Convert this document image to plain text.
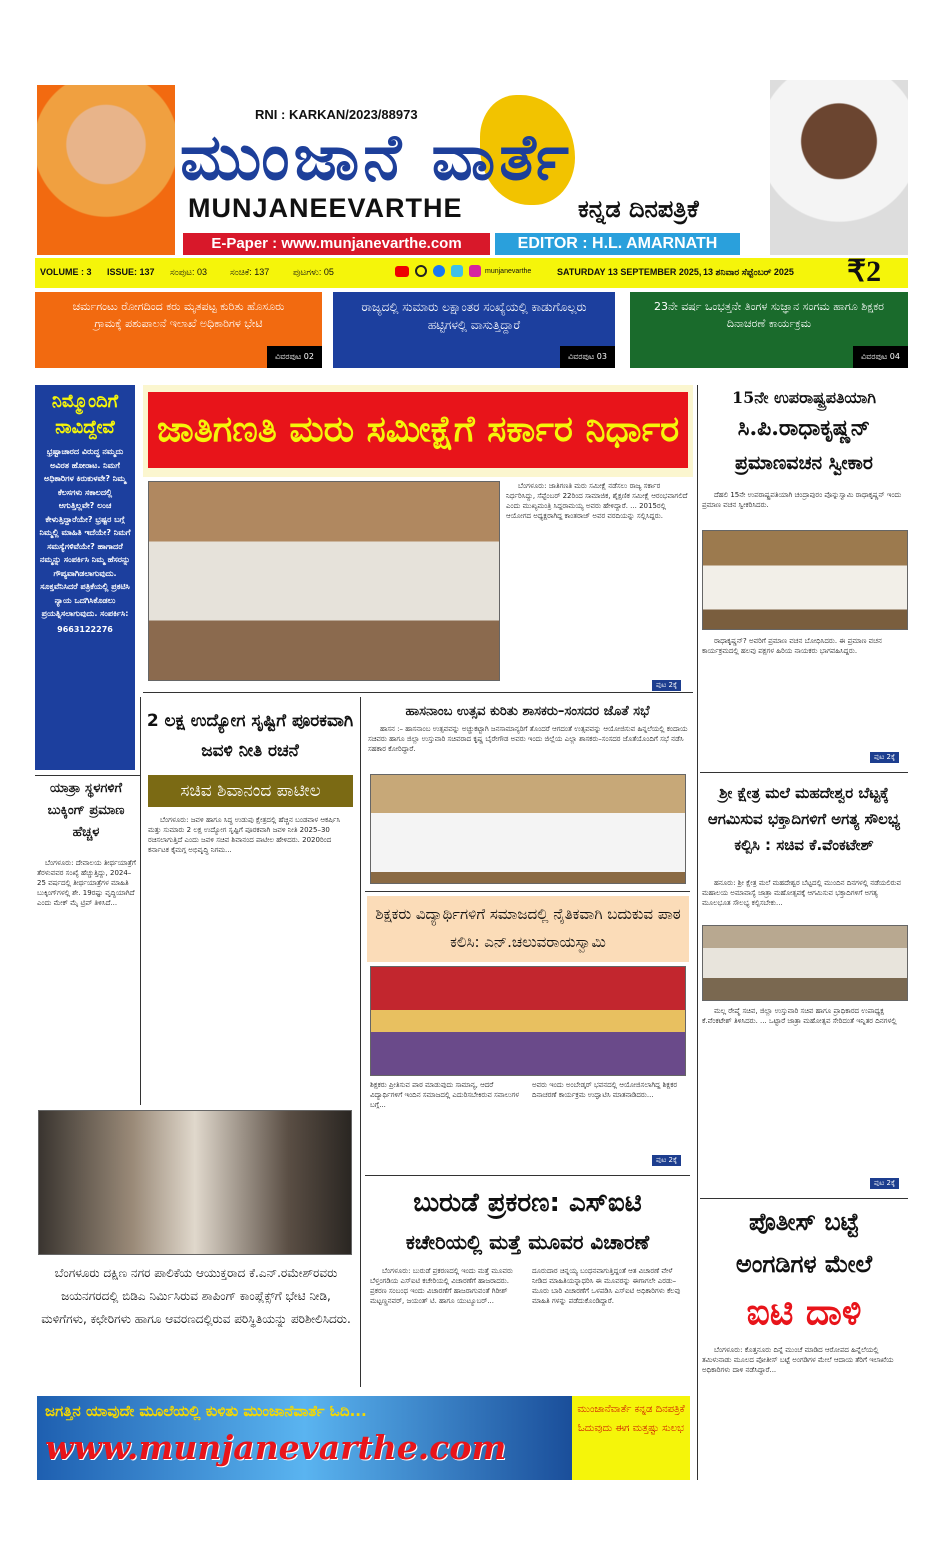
RNI : KARKAN/2023/88973
ಮುಂಜಾನೆ ವಾರ್ತೆ
MUNJANEEVARTHE	ಕನ್ನಡ ದಿನಪತ್ರಿಕೆ
E-Paper : www.munjanevarthe.com	EDITOR : H.L. AMARNATH
VOLUME : 3 ISSUE: 137 ಸಂಪುಟ: 03	ಸಂಚಿಕೆ: 137	ಪುಟಗಳು: 05	munjanevarthe	SATURDAY 13 SEPTEMBER 2025, 13 ಶನಿವಾರ ಸೆಪ್ಟೆಂಬರ್ 2025 ₹2
ಚರ್ಮಗಂಟು ರೋಗದಿಂದ ಕರು ಮೃತಪಟ್ಟ ಕುರಿತು ಹೊಸೂರು ಗ್ರಾಮಕ್ಕೆ ಪಶುಪಾಲನೆ ಇಲಾಖೆ ಅಧಿಕಾರಿಗಳ ಭೇಟಿ
ವಿವರಪುಟ 02
ರಾಜ್ಯದಲ್ಲಿ ಸುಮಾರು ಲಕ್ಷಾಂತರ ಸಂಖ್ಯೆಯಲ್ಲಿ ಕಾಡುಗೊಲ್ಲರು ಹಟ್ಟಿಗಳಲ್ಲಿ ವಾಸುತ್ತಿದ್ದಾರೆ
ವಿವರಪುಟ 03
23ನೇ ವರ್ಷ ಒಂಭತ್ತನೇ ತಿಂಗಳ ಸುಜ್ಞಾನ ಸಂಗಮ ಹಾಗೂ ಶಿಕ್ಷಕರ ದಿನಾಚರಣೆ ಕಾರ್ಯಕ್ರಮ
ವಿವರಪುಟ 04
ನಿಮ್ಮೊಂದಿಗೆ ನಾವಿದ್ದೇವೆ
ಭ್ರಷ್ಟಾಚಾರದ ವಿರುದ್ಧ ನಮ್ಮದು ಅವಿರತ ಹೋರಾಟ. ನಿಮಗೆ ಅಧಿಕಾರಿಗಳ ಕಿರುಕುಳವೇ? ನಿಮ್ಮ ಕೆಲಸಗಳು ಸಕಾಲದಲ್ಲಿ ಆಗುತ್ತಿಲ್ಲವೇ? ಲಂಚ ಕೇಳುತ್ತಿದ್ದಾರೆಯೇ? ಭ್ರಷ್ಟರ ಬಗ್ಗೆ ನಿಮ್ಮಲ್ಲಿ ಮಾಹಿತಿ ಇದೆಯೇ? ನಿಮಗೆ ಸಮಸ್ಯೆಗಳಿವೆಯೇ? ಹಾಗಾದರೆ ನಮ್ಮನ್ನು ಸಂಪರ್ಕಿಸಿ ನಿಮ್ಮ ಹೆಸರನ್ನು ಗೌಪ್ಯವಾಗಿಡಲಾಗುವುದು. ಸೂಕ್ತವೆನಿಸಿದರೆ ಪತ್ರಿಕೆಯಲ್ಲಿ ಪ್ರಕಟಿಸಿ ನ್ಯಾಯ ಒದಗಿಸಿಕೊಡಲು ಪ್ರಯತ್ನಿಸಲಾಗುವುದು. ಸಂಪರ್ಕಿಸಿ:
9663122276
ಜಾತಿಗಣತಿ ಮರು ಸಮೀಕ್ಷೆಗೆ ಸರ್ಕಾರ ನಿರ್ಧಾರ
ಬೆಂಗಳೂರು: ಜಾತಿಗಣತಿ ಮರು ಸಮೀಕ್ಷೆ ನಡೆಸಲು ರಾಜ್ಯ ಸರ್ಕಾರ ನಿರ್ಧರಿಸಿದ್ದು, ಸೆಪ್ಟೆಂಬರ್ 22ರಿಂದ ಸಾಮಾಜಿಕ, ಶೈಕ್ಷಣಿಕ ಸಮೀಕ್ಷೆ ಆರಂಭವಾಗಲಿದೆ ಎಂದು ಮುಖ್ಯಮಂತ್ರಿ ಸಿದ್ದರಾಮಯ್ಯ ಅವರು ಹೇಳಿದ್ದಾರೆ. ... 2015ರಲ್ಲಿ ಆಯೋಗದ ಅಧ್ಯಕ್ಷರಾಗಿದ್ದ ಕಾಂತರಾಜ್ ಅವರ ವರದಿಯನ್ನು ಸಲ್ಲಿಸಿದ್ದರು.
ಪುಟ 2ಕ್ಕೆ
15ನೇ ಉಪರಾಷ್ಟ್ರಪತಿಯಾಗಿ
ಸಿ.ಪಿ.ರಾಧಾಕೃಷ್ಣನ್
ಪ್ರಮಾಣವಚನ ಸ್ವೀಕಾರ
ದೆಹಲಿ 15ನೇ ಉಪರಾಷ್ಟ್ರಪತಿಯಾಗಿ ಚಂದ್ರಾಪುರಂ ಪೊನ್ನುಸ್ವಾಮಿ ರಾಧಾಕೃಷ್ಣನ್ ಇಂದು ಪ್ರಮಾಣ ವಚನ ಸ್ವೀಕರಿಸಿದರು.
ರಾಧಾಕೃಷ್ಣನ್? ಅವರಿಗೆ ಪ್ರಮಾಣ ವಚನ ಬೋಧಿಸಿದರು. ಈ ಪ್ರಮಾಣ ವಚನ ಕಾರ್ಯಕ್ರಮದಲ್ಲಿ ಹಲವು ಪಕ್ಷಗಳ ಹಿರಿಯ ನಾಯಕರು ಭಾಗವಹಿಸಿದ್ದರು.
ಪುಟ 2ಕ್ಕೆ
2 ಲಕ್ಷ ಉದ್ಯೋಗ ಸೃಷ್ಟಿಗೆ ಪೂರಕವಾಗಿ ಜವಳಿ ನೀತಿ ರಚನೆ
ಸಚಿವ ಶಿವಾನಂದ ಪಾಟೀಲ
ಬೆಂಗಳೂರು: ಜವಳಿ ಹಾಗೂ ಸಿದ್ಧ ಉಡುಪು ಕ್ಷೇತ್ರದಲ್ಲಿ ಹೆಚ್ಚಿನ ಬಂಡವಾಳ ಆಕರ್ಷಿಸಿ ಮತ್ತು ಸುಮಾರು 2 ಲಕ್ಷ ಉದ್ಯೋಗ ಸೃಷ್ಟಿಗೆ ಪೂರಕವಾಗಿ ಜವಳಿ ನೀತಿ 2025–30 ರಚಿಸಲಾಗುತ್ತಿದೆ ಎಂದು ಜವಳಿ ಸಚಿವ ಶಿವಾನಂದ ಪಾಟೀಲ ಹೇಳಿದರು. 2020ರಿಂದ ಕರ್ನಾಟಕ ಕೈಮಗ್ಗ ಅಭಿವೃದ್ಧಿ ನಿಗಮ...
ಹಾಸನಾಂಬ ಉತ್ಸವ ಕುರಿತು ಶಾಸಕರು–ಸಂಸದರ ಜೊತೆ ಸಭೆ
ಹಾಸನ :– ಹಾಸನಾಂಬ ಉತ್ಸವವನ್ನು ಅಚ್ಚುಕಟ್ಟಾಗಿ ಜನಸಾಮಾನ್ಯರಿಗೆ ತೊಂದರೆ ಆಗದಂತೆ ಉತ್ಸವವನ್ನು ಆಯೋಜಿಸುವ ಹಿನ್ನಲೆಯಲ್ಲಿ ಕಂದಾಯ ಸಚಿವರು ಹಾಗೂ ಜಿಲ್ಲಾ ಉಸ್ತುವಾರಿ ಸಚಿವರಾದ ಕೃಷ್ಣ ಬೈರೇಗೌಡ ಅವರು ಇಂದು ಜಿಲ್ಲೆಯ ಎಲ್ಲಾ ಶಾಸಕರು–ಸಂಸದರ ಜೊತೆಯೊಂದಿಗೆ ಸಭೆ ನಡೆಸಿ ಸಹಕಾರ ಕೋರಿದ್ದಾರೆ.
ಶಿಕ್ಷಕರು ವಿದ್ಯಾರ್ಥಿಗಳಿಗೆ ಸಮಾಜದಲ್ಲಿ ನೈತಿಕವಾಗಿ ಬದುಕುವ ಪಾಠ ಕಲಿಸಿ: ಎನ್.ಚಲುವರಾಯಸ್ವಾಮಿ
ಶಿಕ್ಷಕರು ಪ್ರೀತಿಸುವ ಪಾಠ ಮಾಡುವುದು ಸಾಮಾನ್ಯ, ಆದರೆ ವಿದ್ಯಾರ್ಥಿಗಳಿಗೆ ಇಂದಿನ ಸಮಾಜದಲ್ಲಿ ಎದುರಿಸಬೇಕಿರುವ ಸವಾಲುಗಳ ಬಗ್ಗೆ...
ಅವರು ಇಂದು ಅಂಬೇಡ್ಕರ್ ಭವನದಲ್ಲಿ ಆಯೋಜಿಸಲಾಗಿದ್ದ ಶಿಕ್ಷಕರ ದಿನಾಚರಣೆ ಕಾರ್ಯಕ್ರಮ ಉದ್ಘಾಟಿಸಿ ಮಾತನಾಡಿದರು...
ಪುಟ 2ಕ್ಕೆ
ಯಾತ್ರಾ ಸ್ಥಳಗಳಿಗೆ ಬುಕ್ಕಿಂಗ್ ಪ್ರಮಾಣ ಹೆಚ್ಚಳ
ಬೆಂಗಳೂರು: ದೇವಾಲಯ ತೀರ್ಥಯಾತ್ರೆಗೆ ತೆರಳುವವರ ಸಂಖ್ಯೆ ಹೆಚ್ಚುತ್ತಿದ್ದು, 2024–25 ವರ್ಷದಲ್ಲಿ ತೀರ್ಥಯಾತ್ರೆಗಳ ಮಾಹಿತಿ ಬುಕ್ಕಿಂಗ್‌ಗಳಲ್ಲಿ ಶೇ. 19ರಷ್ಟು ವೃದ್ಧಿಯಾಗಿದೆ ಎಂದು ಮೇಕ್ ಮೈ ಟ್ರಿಪ್ ತಿಳಿಸಿದೆ...
ಬೆಂಗಳೂರು ದಕ್ಷಿಣ ನಗರ ಪಾಲಿಕೆಯ ಆಯುಕ್ತರಾದ ಕೆ.ಎನ್.ರಮೇಶ್‌ರವರು ಜಯನಗರದಲ್ಲಿ ಬಿಡಿಎ ನಿರ್ಮಿಸಿರುವ ಶಾಪಿಂಗ್ ಕಾಂಪ್ಲೆಕ್ಸ್‌ಗೆ ಭೇಟಿ ನೀಡಿ, ಮಳಿಗೆಗಳು, ಕಛೇರಿಗಳು ಹಾಗೂ ಆವರಣದಲ್ಲಿರುವ ಪರಿಸ್ಥಿತಿಯನ್ನು ಪರಿಶೀಲಿಸಿದರು.
ಬುರುಡೆ ಪ್ರಕರಣ: ಎಸ್‌ಐಟಿ
ಕಚೇರಿಯಲ್ಲಿ ಮತ್ತೆ ಮೂವರ ವಿಚಾರಣೆ
ಬೆಂಗಳೂರು: ಬುರುಡೆ ಪ್ರಕರಣದಲ್ಲಿ ಇಂದು ಮತ್ತೆ ಮೂವರು ಬೆಳ್ತಂಗಡಿಯ ಎಸ್‌ಐಟಿ ಕಚೇರಿಯಲ್ಲಿ ವಿಚಾರಣೆಗೆ ಹಾಜರಾದರು. ಪ್ರಕರಣ ಸಂಬಂಧ ಇಂದು ವಿಚಾರಣೆಗೆ ಹಾಜರಾಗುವಂತೆ ಗಿರೀಶ್ ಮಟ್ಟಣ್ಣನವರ್, ಜಯಂತ್ ಟಿ. ಹಾಗೂ ಯುಟ್ಯೂಬರ್...
ದೂರುದಾರ ಚಿನ್ನಯ್ಯ ಬಂಧನವಾಗುತ್ತಿದ್ದಂತೆ ಆತ ವಿಚಾರಣೆ ವೇಳೆ ನೀಡಿದ ಮಾಹಿತಿಯನ್ನಾಧರಿಸಿ ಈ ಮೂವರನ್ನು ಈಗಾಗಲೇ ಎರಡು–ಮೂರು ಬಾರಿ ವಿಚಾರಣೆಗೆ ಒಳಪಡಿಸಿ ಎಸ್‌ಐಟಿ ಅಧಿಕಾರಿಗಳು ಕೆಲವು ಮಾಹಿತಿ ಗಳನ್ನು ಪಡೆದುಕೊಂಡಿದ್ದಾರೆ.
ಶ್ರೀ ಕ್ಷೇತ್ರ ಮಲೆ ಮಹದೇಶ್ವರ ಬೆಟ್ಟಕ್ಕೆ ಆಗಮಿಸುವ ಭಕ್ತಾದಿಗಳಿಗೆ ಅಗತ್ಯ ಸೌಲಭ್ಯ ಕಲ್ಪಿಸಿ : ಸಚಿವ ಕೆ.ವೆಂಕಟೇಶ್
ಹನೂರು: ಶ್ರೀ ಕ್ಷೇತ್ರ ಮಲೆ ಮಹದೇಶ್ವರ ಬೆಟ್ಟದಲ್ಲಿ ಮುಂದಿನ ದಿನಗಳಲ್ಲಿ ನಡೆಯಲಿರುವ ಮಹಾಲಯ ಅಮಾವಾಸ್ಯೆ ಜಾತ್ರಾ ಮಹೋತ್ಸವಕ್ಕೆ ಆಗಮಿಸುವ ಭಕ್ತಾದಿಗಳಿಗೆ ಅಗತ್ಯ ಮೂಲಭೂತ ಸೌಲಭ್ಯ ಕಲ್ಪಿಸಬೇಕು...
ಮಲ್ಲ ರೇಷ್ಮೆ ಸಚಿವ, ಜಿಲ್ಲಾ ಉಸ್ತುವಾರಿ ಸಚಿವ ಹಾಗೂ ಪ್ರಾಧಿಕಾರದ ಉಪಾಧ್ಯಕ್ಷ ಕೆ.ವೆಂಕಟೇಶ್ ತಿಳಿಸಿದರು. ... ಒಟ್ಟಾರೆ ಜಾತ್ರಾ ಮಹೋತ್ಸವ ಸೇರಿದಂತೆ ಇನ್ನಿತರ ದಿನಗಳಲ್ಲಿ
ಪುಟ 2ಕ್ಕೆ
ಪೊತೀಸ್ ಬಟ್ಟೆ
ಅಂಗಡಿಗಳ ಮೇಲೆ
ಐಟಿ ದಾಳಿ
ಬೆಂಗಳೂರು: ಕೊತ್ತನೂರು ದಿನ್ನೆ ಮುಂಚೆ ಮಾಡಿದ ಆರೋಪದ ಹಿನ್ನೆಲೆಯಲ್ಲಿ ತಮಿಳುನಾಡು ಮೂಲದ ಪೋತೀಸ್ ಬಟ್ಟೆ ಅಂಗಡಿಗಳ ಮೇಲೆ ಆದಾಯ ತೆರಿಗೆ ಇಲಾಖೆಯ ಅಧಿಕಾರಿಗಳು ದಾಳಿ ನಡೆಸಿದ್ದಾರೆ...
ಜಗತ್ತಿನ ಯಾವುದೇ ಮೂಲೆಯಲ್ಲಿ ಕುಳಿತು ಮುಂಜಾನೆವಾರ್ತೆ ಓದಿ...
www.munjanevarthe.com
ಮುಂಜಾನೆವಾರ್ತೆ ಕನ್ನಡ ದಿನಪತ್ರಿಕೆ ಓದುವುದು ಈಗ ಮತ್ತಷ್ಟು ಸುಲಭ
